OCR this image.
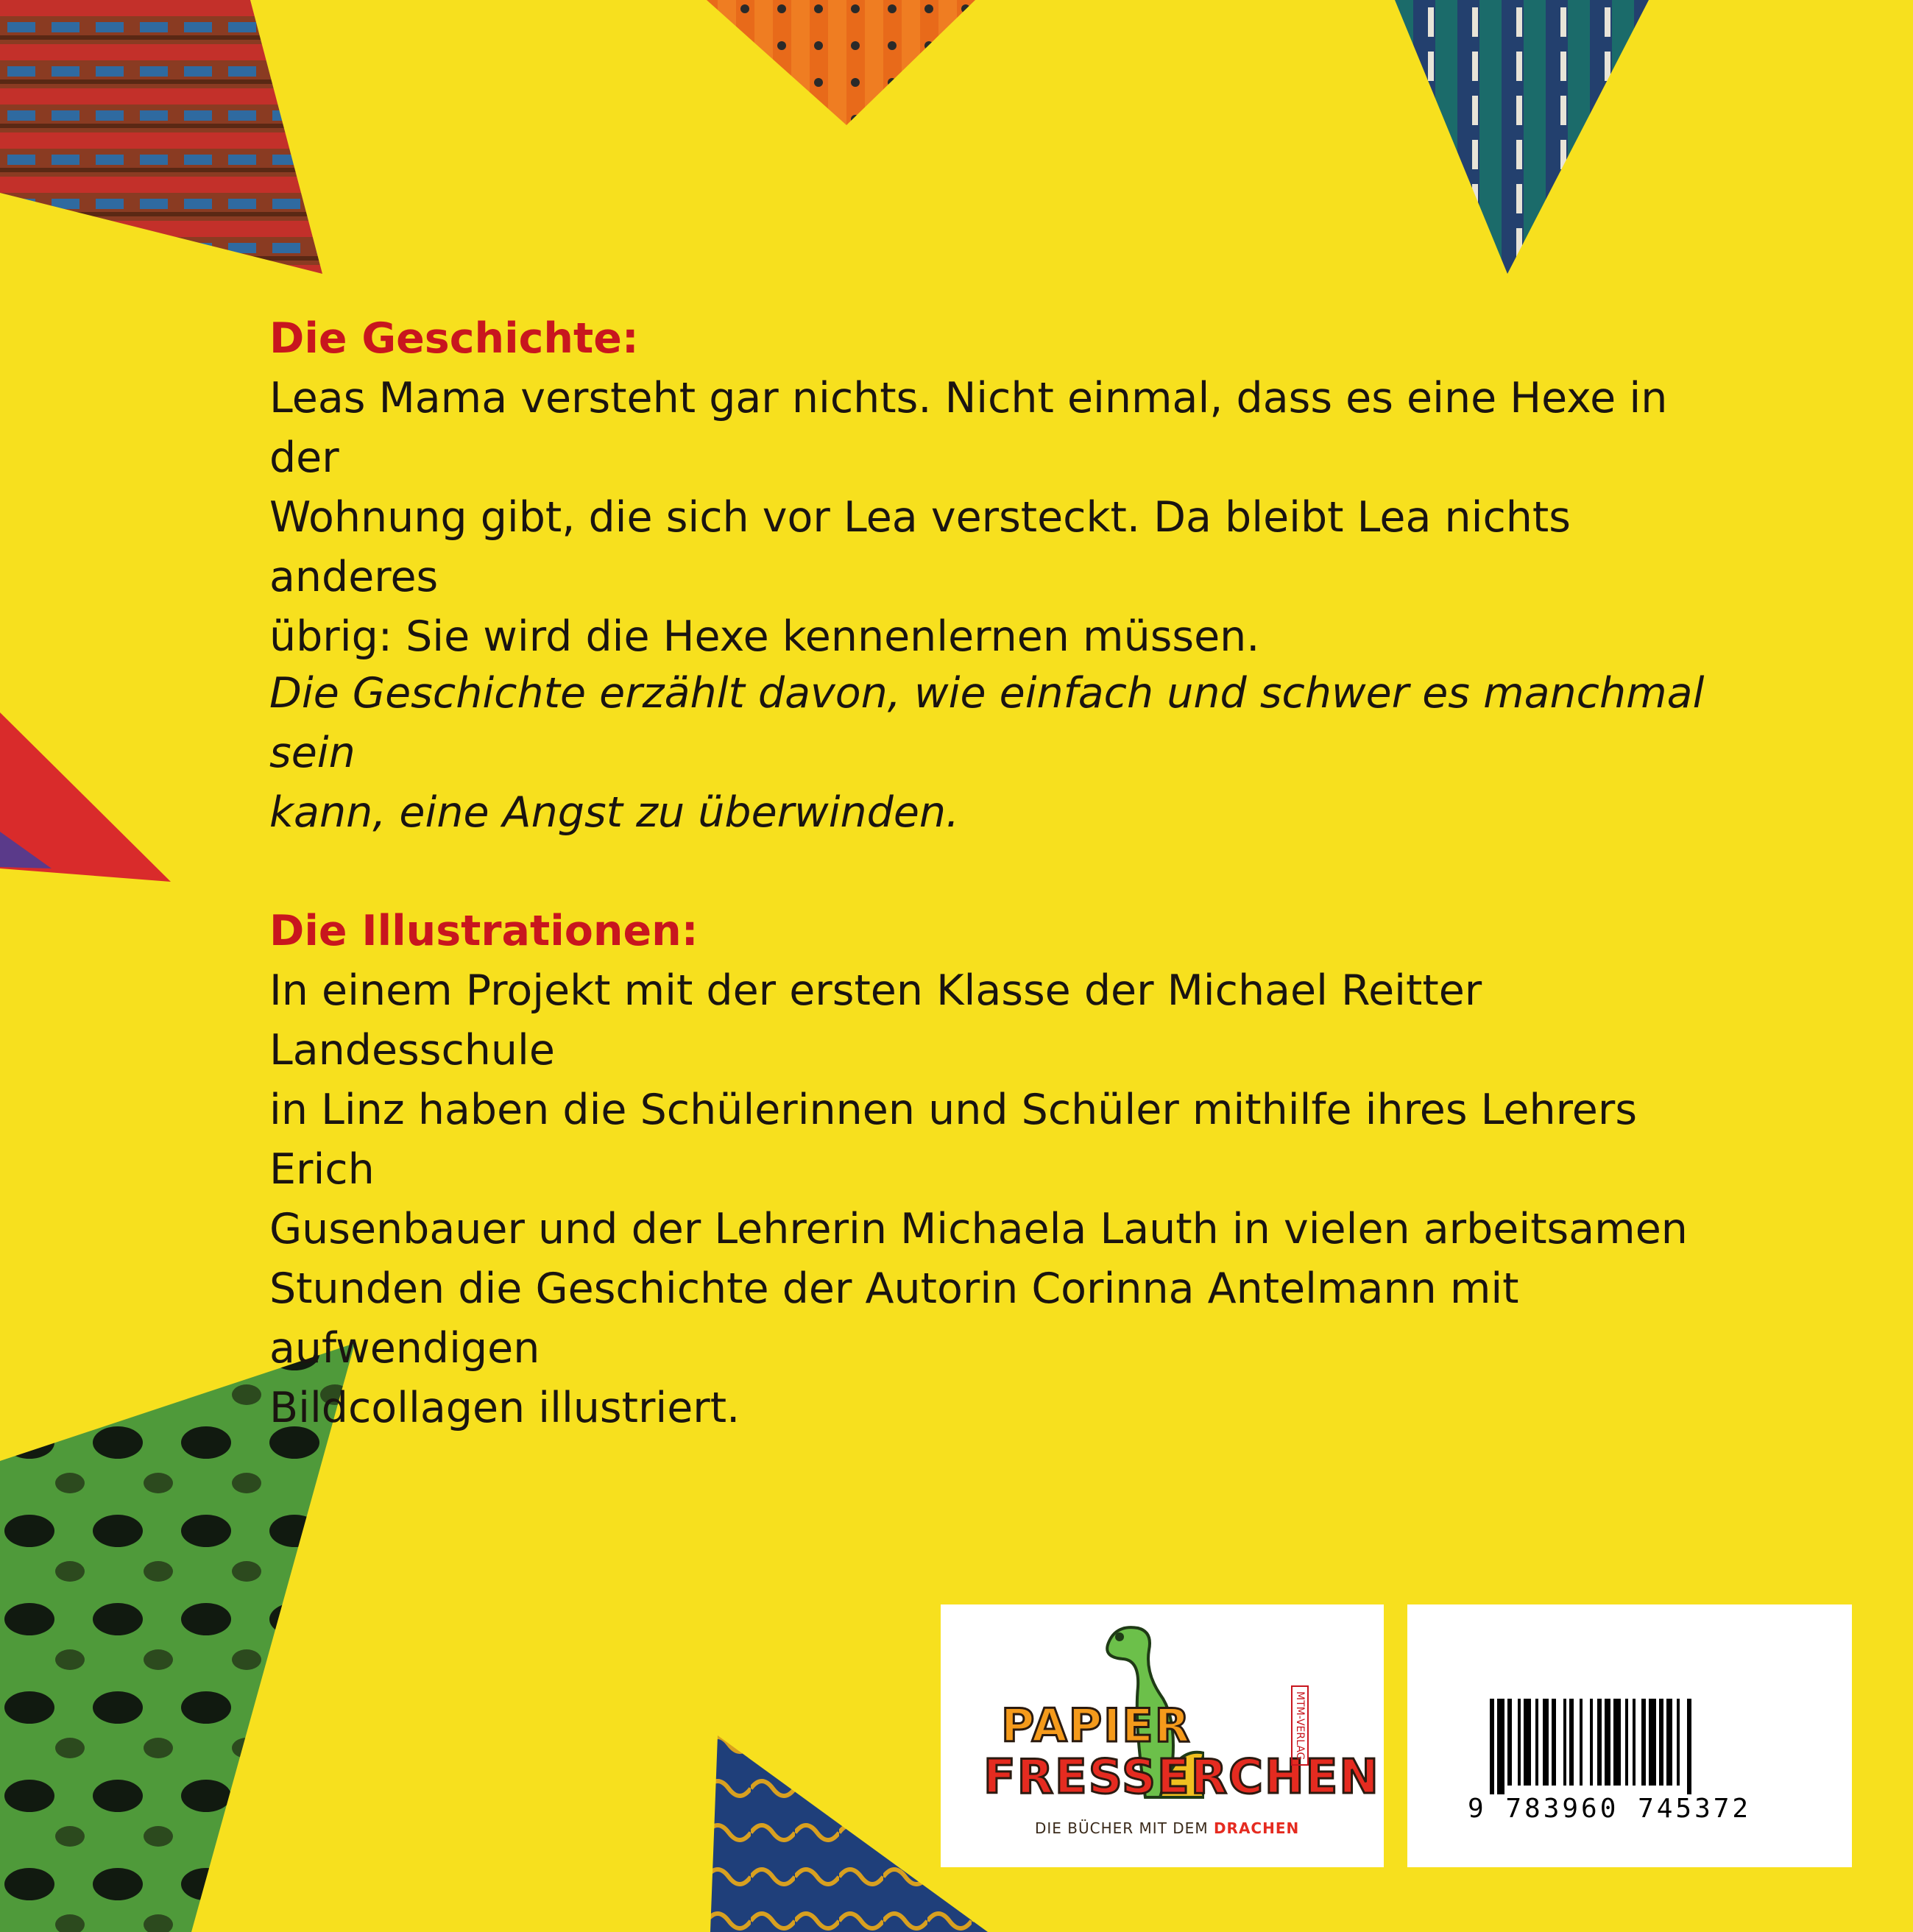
Die Geschichte:

Leas Mama versteht gar nichts. Nicht einmal, dass es eine Hexe in der

Wohnung gibt, die sich vor Lea versteckt. Da bleibt Lea nichts anderes

übrig: Sie wird die Hexe kennenlernen müssen.

Die Geschichte erzählt davon, wie einfach und schwer es manchmal sein

kann, eine Angst zu überwinden.

Die Illustrationen:

In einem Projekt mit der ersten Klasse der Michael Reitter Landesschule

in Linz haben die Schülerinnen und Schüler mithilfe ihres Lehrers Erich

Gusenbauer und der Lehrerin Michaela Lauth in vielen arbeitsamen

Stunden die Geschichte der Autorin Corinna Antelmann mit aufwendigen

Bildcollagen illustriert.

PAPIER
FRESSERCHEN
DIE BÜCHER MIT DEM DRACHEN
MTM-VERLAG
9 783960 745372
